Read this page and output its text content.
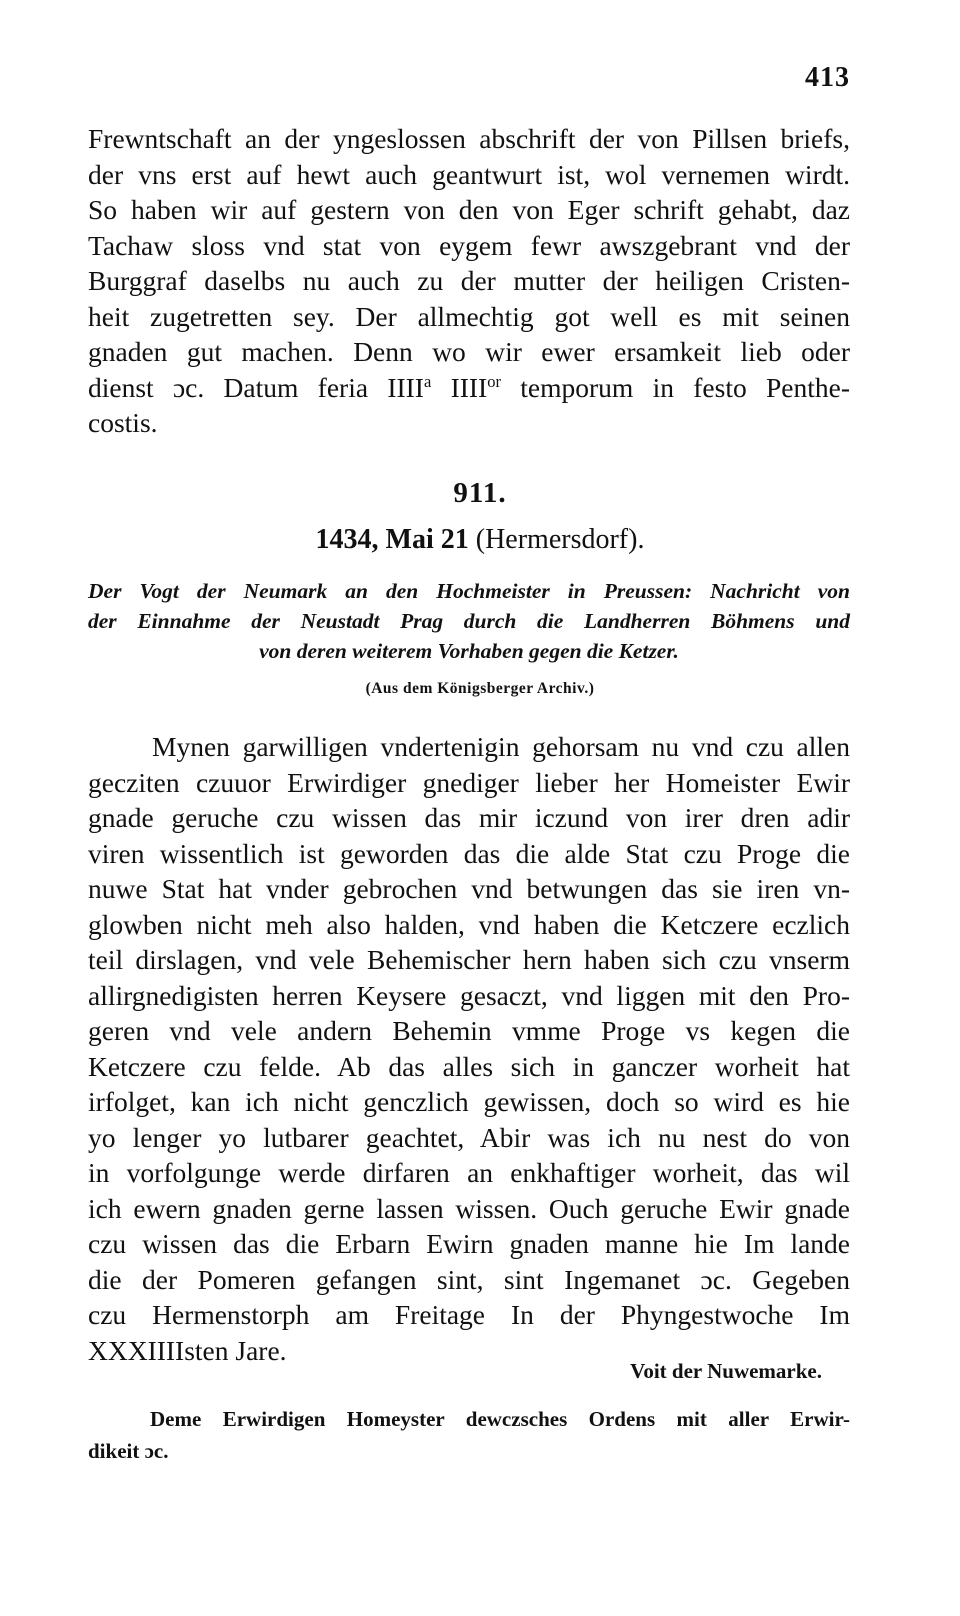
413
Frewntschaft an der yngeslossen abschrift der von Pillsen briefs,
der vns erst auf hewt auch geantwurt ist, wol vernemen wirdt.
So haben wir auf gestern von den von Eger schrift gehabt, daz
Tachaw sloss vnd stat von eygem fewr awszgebrant vnd der
Burggraf daselbs nu auch zu der mutter der heiligen Cristen-
heit zugetretten sey. Der allmechtig got well es mit seinen
gnaden gut machen. Denn wo wir ewer ersamkeit lieb oder
dienst ɔc. Datum feria IIII$^a$ $IIII^{or}$ temporum in festo Penthe-
costis.
911.
1434, Mai 21 (Hermersdorf).
Der Vogt der Neumark an den Hochmeister in Preussen: Nachricht von
der Einnahme der Neustadt Prag durch die Landherren Böhmens und
von deren weiterem Vorhaben gegen die Ketzer.
(Aus dem Königsberger Archiv.)
Mynen garwilligen vndertenigin gehorsam nu vnd czu allen
gecziten czuuor Erwirdiger gnediger lieber her Homeister Ewir
gnade geruche czu wissen das mir iczund von irer dren adir
viren wissentlich ist geworden das die alde Stat czu Proge die
nuwe Stat hat vnder gebrochen vnd betwungen das sie iren vn-
glowben nicht meh also halden, vnd haben die Ketczere eczlich
teil dirslagen, vnd vele Behemischer hern haben sich czu vnserm
allirgnedigisten herren Keysere gesaczt, vnd liggen mit den Pro-
geren vnd vele andern Behemin vmme Proge vs kegen die
Ketczere czu felde. Ab das alles sich in ganczer worheit hat
irfolget, kan ich nicht genczlich gewissen, doch so wird es hie
yo lenger yo lutbarer geachtet, Abir was ich nu nest do von
in vorfolgunge werde dirfaren an enkhaftiger worheit, das wil
ich ewern gnaden gerne lassen wissen. Ouch geruche Ewir gnade
czu wissen das die Erbarn Ewirn gnaden manne hie Im lande
die der Pomeren gefangen sint, sint Ingemanet ɔc. Gegeben
czu Hermenstorph am Freitage In der Phyngestwoche Im
XXXIIIIsten Jare.
Voit der Nuwemarke.
Deme Erwirdigen Homeyster dewczsches Ordens mit aller Erwir-
dikeit ɔc.
